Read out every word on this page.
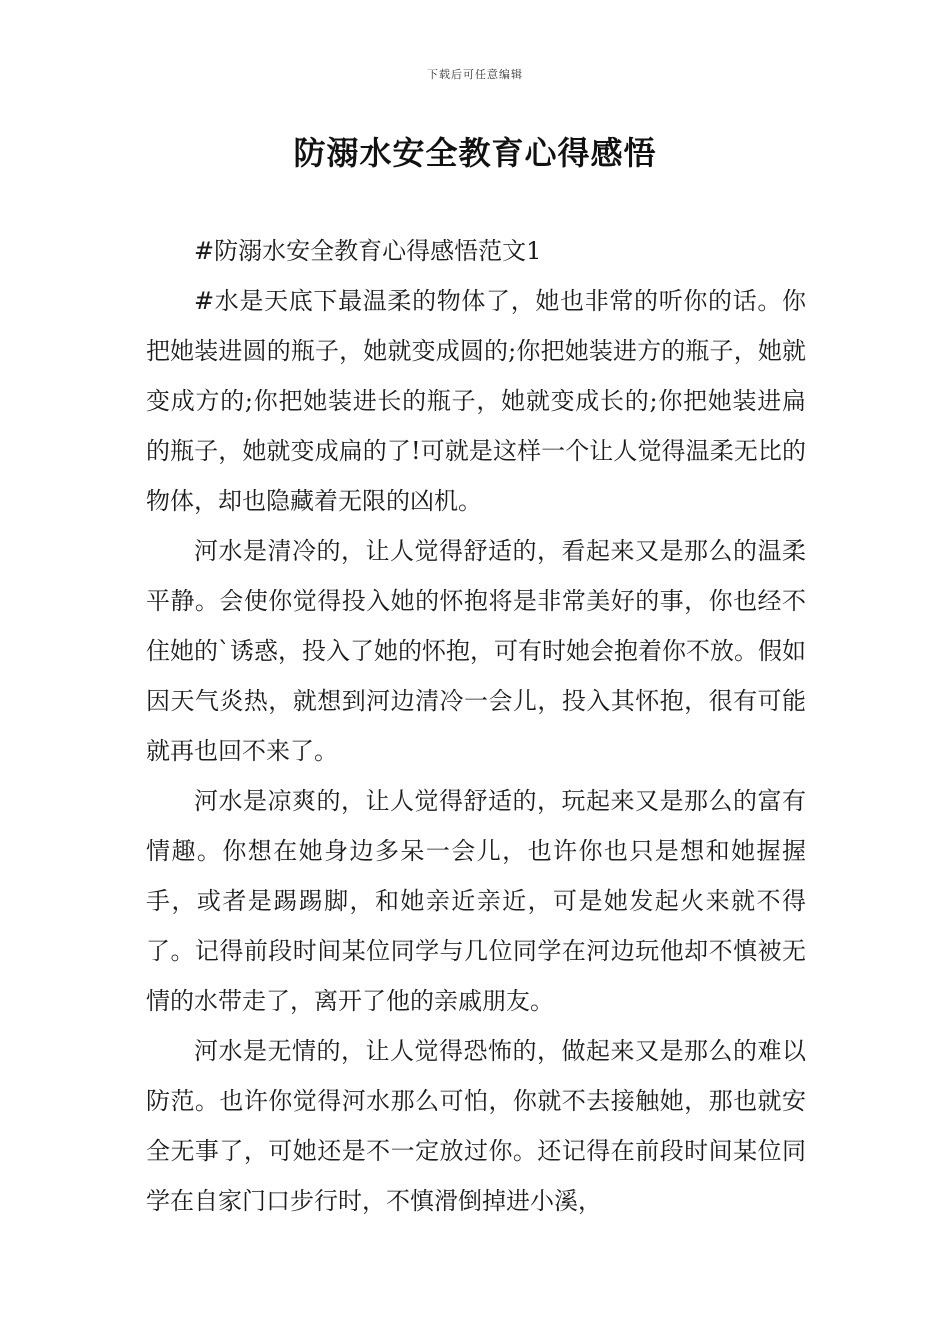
下载后可任意编辑
防溺水安全教育心得感悟

#防溺水安全教育心得感悟范文1

#水是天底下最温柔的物体了，她也非常的听你的话。你把她装进圆的瓶子，她就变成圆的;你把她装进方的瓶子，她就变成方的;你把她装进长的瓶子，她就变成长的;你把她装进扁的瓶子，她就变成扁的了!可就是这样一个让人觉得温柔无比的物体，却也隐藏着无限的凶机。

河水是清冷的，让人觉得舒适的，看起来又是那么的温柔平静。会使你觉得投入她的怀抱将是非常美好的事，你也经不住她的`诱惑，投入了她的怀抱，可有时她会抱着你不放。假如因天气炎热，就想到河边清冷一会儿，投入其怀抱，很有可能就再也回不来了。

河水是凉爽的，让人觉得舒适的，玩起来又是那么的富有情趣。你想在她身边多呆一会儿，也许你也只是想和她握握手，或者是踢踢脚，和她亲近亲近，可是她发起火来就不得了。记得前段时间某位同学与几位同学在河边玩他却不慎被无情的水带走了，离开了他的亲戚朋友。

河水是无情的，让人觉得恐怖的，做起来又是那么的难以防范。也许你觉得河水那么可怕，你就不去接触她，那也就安全无事了，可她还是不一定放过你。还记得在前段时间某位同学在自家门口步行时，不慎滑倒掉进小溪，
